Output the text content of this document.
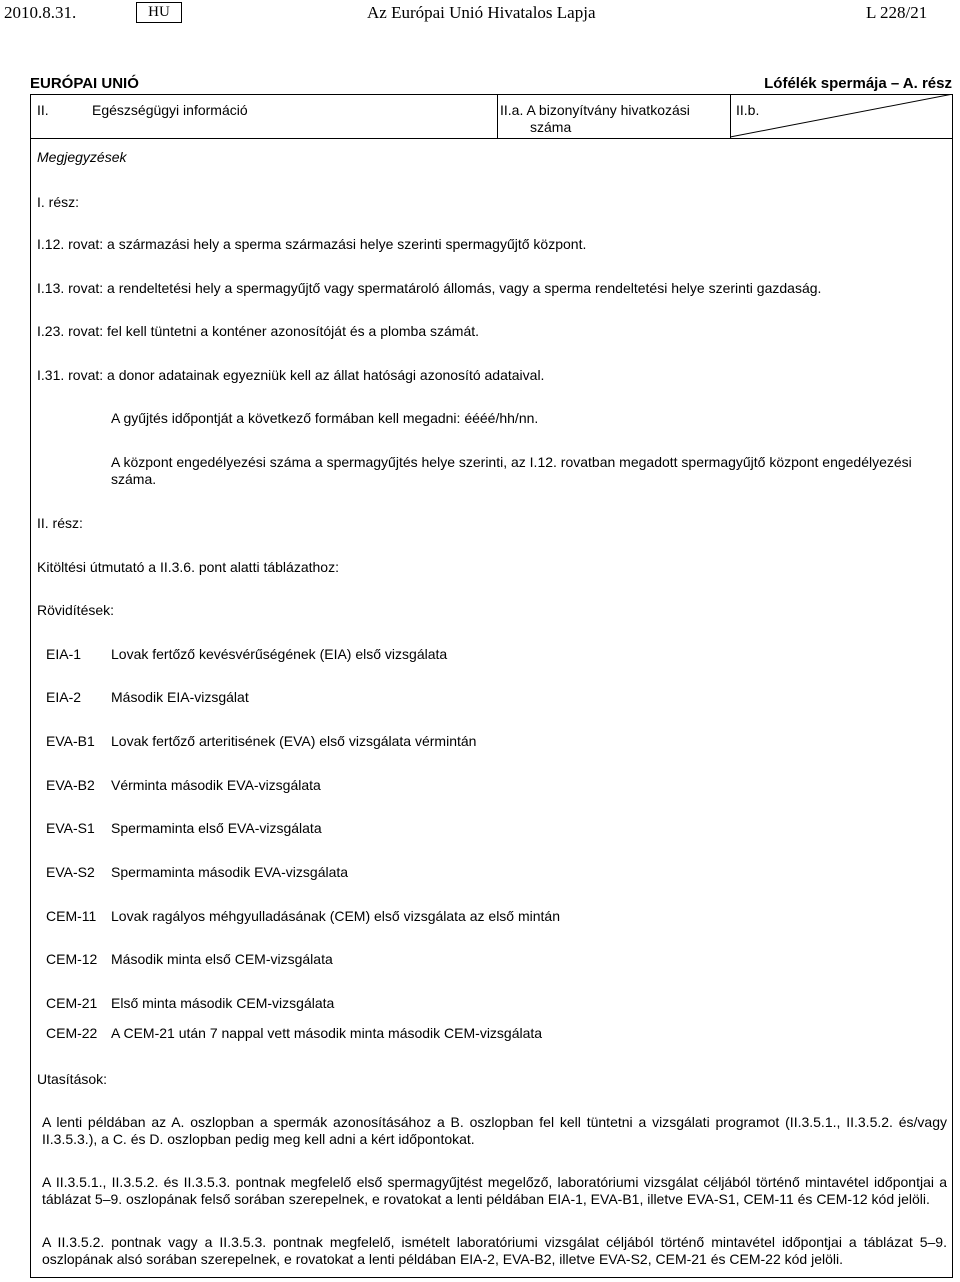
2010.8.31.	HU	Az Európai Unió Hivatalos Lapja	L 228/21
EURÓPAI UNIÓ	Lófélék spermája – A. rész
II.	Egészségügyi információ	II.a. A bizonyítvány hivatkozási
száma
II.b.
Megjegyzések
I. rész:
I.12. rovat: a származási hely a sperma származási helye szerinti spermagyűjtő központ.
I.13. rovat: a rendeltetési hely a spermagyűjtő vagy spermatároló állomás, vagy a sperma rendeltetési helye szerinti gazdaság.
I.23. rovat: fel kell tüntetni a konténer azonosítóját és a plomba számát.
I.31. rovat: a donor adatainak egyezniük kell az állat hatósági azonosító adataival.
A gyűjtés időpontját a következő formában kell megadni: éééé/hh/nn.
A központ engedélyezési száma a spermagyűjtés helye szerinti, az I.12. rovatban megadott spermagyűjtő központ engedélyezési száma.
II. rész:
Kitöltési útmutató a II.3.6. pont alatti táblázathoz:
Rövidítések:
EIA-1 Lovak fertőző kevésvérűségének (EIA) első vizsgálata
EIA-2 Második EIA-vizsgálat
EVA-B1 Lovak fertőző arteritisének (EVA) első vizsgálata vérmintán
EVA-B2 Vérminta második EVA-vizsgálata
EVA-S1 Spermaminta első EVA-vizsgálata
EVA-S2 Spermaminta második EVA-vizsgálata
CEM-11 Lovak ragályos méhgyulladásának (CEM) első vizsgálata az első mintán
CEM-12 Második minta első CEM-vizsgálata
CEM-21 Első minta második CEM-vizsgálata
CEM-22 A CEM-21 után 7 nappal vett második minta második CEM-vizsgálata
Utasítások:
A lenti példában az A. oszlopban a spermák azonosításához a B. oszlopban fel kell tüntetni a vizsgálati programot (II.3.5.1., II.3.5.2. és/vagy II.3.5.3.), a C. és D. oszlopban pedig meg kell adni a kért időpontokat.
A II.3.5.1., II.3.5.2. és II.3.5.3. pontnak megfelelő első spermagyűjtést megelőző, laboratóriumi vizsgálat céljából történő mintavétel időpontjai a táblázat 5–9. oszlopának felső sorában szerepelnek, e rovatokat a lenti példában EIA-1, EVA-B1, illetve EVA-S1, CEM-11 és CEM-12 kód jelöli.
A II.3.5.2. pontnak vagy a II.3.5.3. pontnak megfelelő, ismételt laboratóriumi vizsgálat céljából történő mintavétel időpontjai a táblázat 5–9. oszlopának alsó sorában szerepelnek, e rovatokat a lenti példában EIA-2, EVA-B2, illetve EVA-S2, CEM-21 és CEM-22 kód jelöli.
